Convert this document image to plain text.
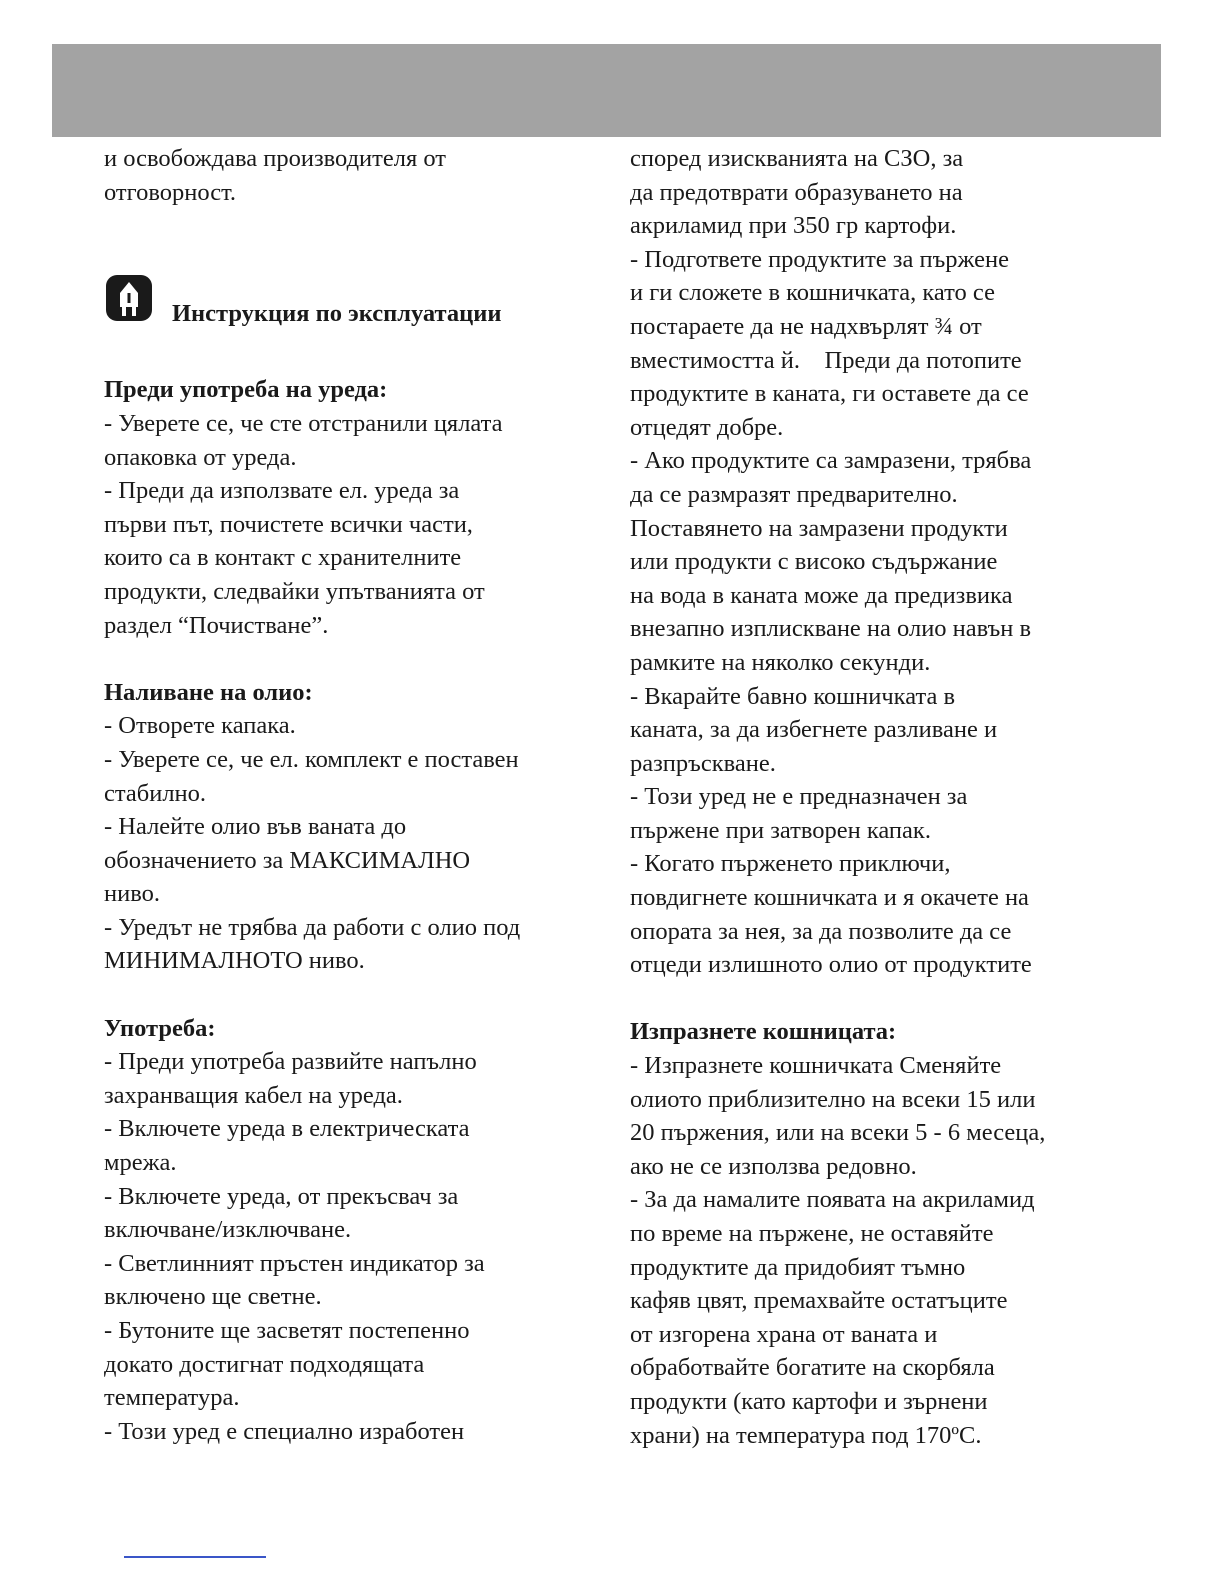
и освобождава производителя от
отговорност.
Инструкция по эксплуатации
Преди употреба на уреда:
- Уверете се, че сте отстранили цялата
опаковка от уреда.
- Преди да използвате ел. уреда за
първи път, почистете всички части,
които са в контакт с хранителните
продукти, следвайки упътванията от
раздел “Почистване”.
Наливане на олио:
- Отворете капака.
- Уверете се, че ел. комплект е поставен
стабилно.
- Налейте олио във ваната до
обозначението за МАКСИМАЛНО
ниво.
- Уредът не трябва да работи с олио под
МИНИМАЛНОТО ниво.
Употреба:
- Преди употреба развийте напълно
захранващия кабел на уреда.
- Включете уреда в електрическата
мрежа.
- Включете уреда, от прекъсвач за
включване/изключване.
- Светлинният пръстен индикатор за
включено ще светне.
- Бутоните ще засветят постепенно
докато достигнат подходящата
температура.
- Този уред е специално изработен
според изискванията на СЗО, за
да предотврати образуването на
акриламид при 350 гр картофи.
- Подгответе продуктите за пържене
и ги сложете в кошничката, като се
постараете да не надхвърлят ¾ от
вместимостта й.    Преди да потопите
продуктите в каната, ги оставете да се
отцедят добре.
- Ако продуктите са замразени, трябва
да се размразят предварително.
Поставянето на замразени продукти
или продукти с високо съдържание
на вода в каната може да предизвика
внезапно изплискване на олио навън в
рамките на няколко секунди.
- Вкарайте бавно кошничката в
каната, за да избегнете разливане и
разпръскване.
- Този уред не е предназначен за
пържене при затворен капак.
- Когато пърженето приключи,
повдигнете кошничката и я окачете на
опората за нея, за да позволите да се
отцеди излишното олио от продуктите
Изпразнете кошницата:
- Изпразнете кошничката Сменяйте
олиото приблизително на всеки 15 или
20 пържения, или на всеки 5 - 6 месеца,
ако не се използва редовно.
- За да намалите появата на акриламид
по време на пържене, не оставяйте
продуктите да придобият тъмно
кафяв цвят, премахвайте остатъците
от изгорена храна от ваната и
обработвайте богатите на скорбяла
продукти (като картофи и зърнени
храни) на температура под 170ºC.
